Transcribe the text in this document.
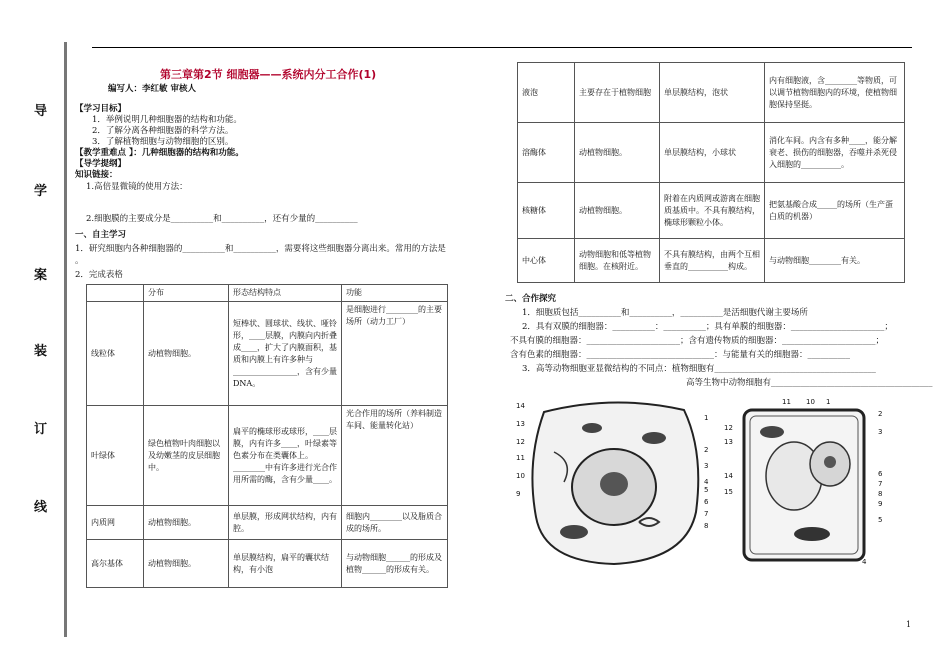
导
学
案
装
订
线
第三章第2节 细胞器——系统内分工合作(1)
编写人：李红敏 审核人
【学习目标】
1．举例说明几种细胞器的结构和功能。
2．了解分离各种细胞器的科学方法。
3．了解植物细胞与动物细胞的区别。
【教学重难点 】：几种细胞器的结构和功能。
【导学提纲】
知识链接：
1.高倍显微镜的使用方法：
2.细胞膜的主要成分是__________和__________，还有少量的__________
一、自主学习
1．研究细胞内各种细胞器的__________和__________，需要将这些细胞器分离出来。常用的方法是
。
2．完成表格
	分布	形态结构特点	功能
线粒体	动植物细胞。	短棒状、圆球状、线状、哑铃形，____层膜，内膜向内折叠成____，扩大了内膜面积，基质和内膜上有许多种与________________，含有少量DNA。	是细胞进行________的主要场所（动力工厂）
叶绿体	绿色植物叶肉细胞以及幼嫩茎的皮层细胞中。	扁平的椭球形或球形，____层膜，内有许多____，叶绿素等色素分布在类囊体上。________中有许多进行光合作用所需的酶，含有少量____。	光合作用的场所（养料制造车间、能量转化站）
内质网	动植物细胞。	单层膜，形成网状结构，内有腔。	细胞内________以及脂质合成的场所。
高尔基体	动植物细胞。	单层膜结构，扁平的囊状结构，有小泡	与动物细胞______的形成及植物______的形成有关。
液泡	主要存在于植物细胞	单层膜结构，泡状	内有细胞液，含________等物质，可以调节植物细胞内的环境，使植物细胞保持坚挺。
溶酶体	动植物细胞。	单层膜结构，小球状	消化车间。内含有多种____，能分解衰老、损伤的细胞器，吞噬并杀死侵入细胞的__________。
核糖体	动植物细胞。	附着在内质网或游离在细胞质基质中。不具有膜结构，椭球形颗粒小体。	把氨基酸合成_____的场所（生产蛋白质的机器）
中心体	动物细胞和低等植物细胞。在核附近。	不具有膜结构，由两个互相垂直的__________构成。	与动物细胞________有关。
二、合作探究
1．细胞质包括__________和__________，__________是活细胞代谢主要场所
2．具有双膜的细胞器：__________：__________；具有单膜的细胞器：______________________；
不具有膜的细胞器：______________________；含有遗传物质的细胞器：______________________；
含有色素的细胞器：______________________________：与能量有关的细胞器：__________
3．高等动物细胞亚显微结构的不同点：植物细胞有______________________________________
高等生物中动物细胞有______________________________________
14
13
12
11
10
9
1
2
3
4
5
6
7
8
12
13
11
14
15
10 1
2
3
6
7
8
9
5
4
1
